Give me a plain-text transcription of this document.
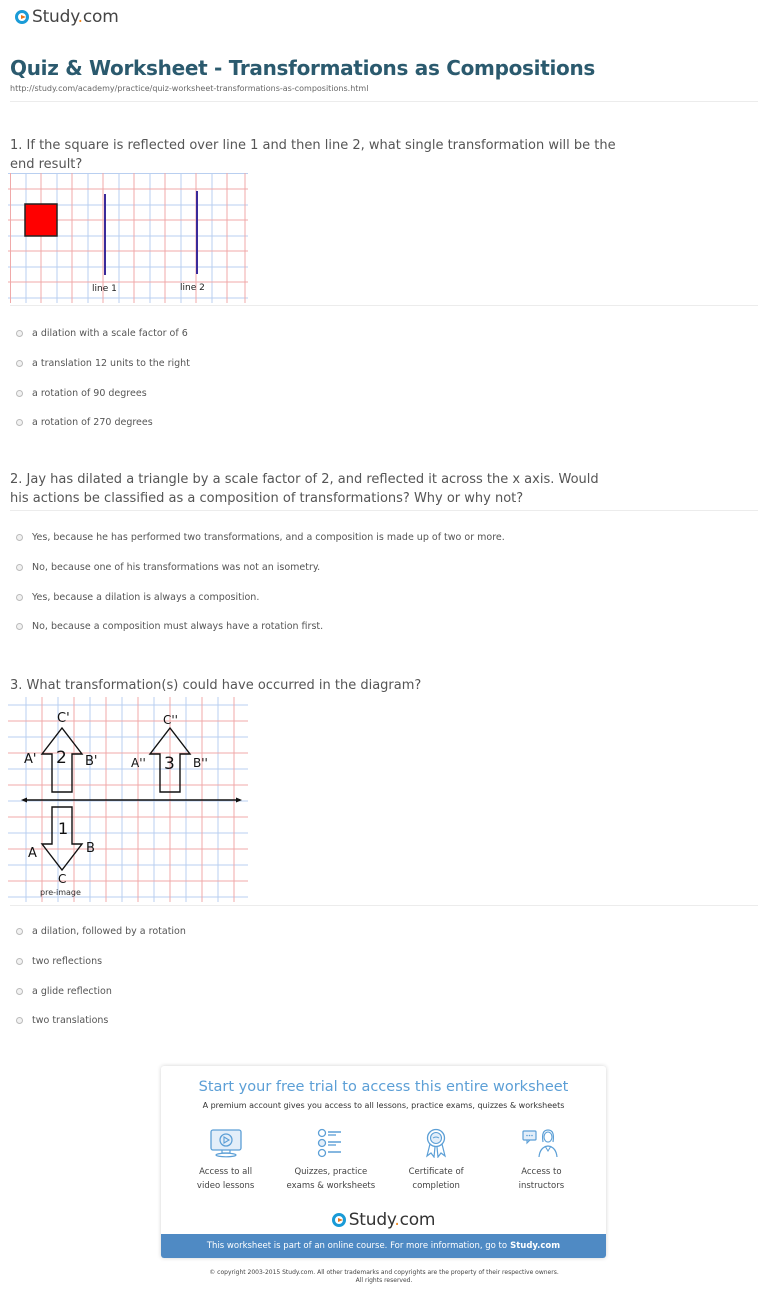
Study.com
Quiz & Worksheet - Transformations as Compositions
http://study.com/academy/practice/quiz-worksheet-transformations-as-compositions.html
1. If the square is reflected over line 1 and then line 2, what single transformation will be the end result?
line 1	line 2
a dilation with a scale factor of 6
a translation 12 units to the right
a rotation of 90 degrees
a rotation of 270 degrees
2. Jay has dilated a triangle by a scale factor of 2, and reflected it across the x axis. Would his actions be classified as a composition of transformations? Why or why not?
Yes, because he has performed two transformations, and a composition is made up of two or more.
No, because one of his transformations was not an isometry.
Yes, because a dilation is always a composition.
No, because a composition must always have a rotation first.
3. What transformation(s) could have occurred in the diagram?
2
C'
A'	B'	3
C''
A''	B''
1
A	B
C
pre-image
a dilation, followed by a rotation
two reflections
a glide reflection
two translations
Start your free trial to access this entire worksheet
A premium account gives you access to all lessons, practice exams, quizzes & worksheets
Access to all
video lessons
Quizzes, practice
exams & worksheets
Certificate of
completion
Access to
instructors
Study.com
This worksheet is part of an online course. For more information, go to Study.com
© copyright 2003-2015 Study.com. All other trademarks and copyrights are the property of their respective owners.
All rights reserved.
